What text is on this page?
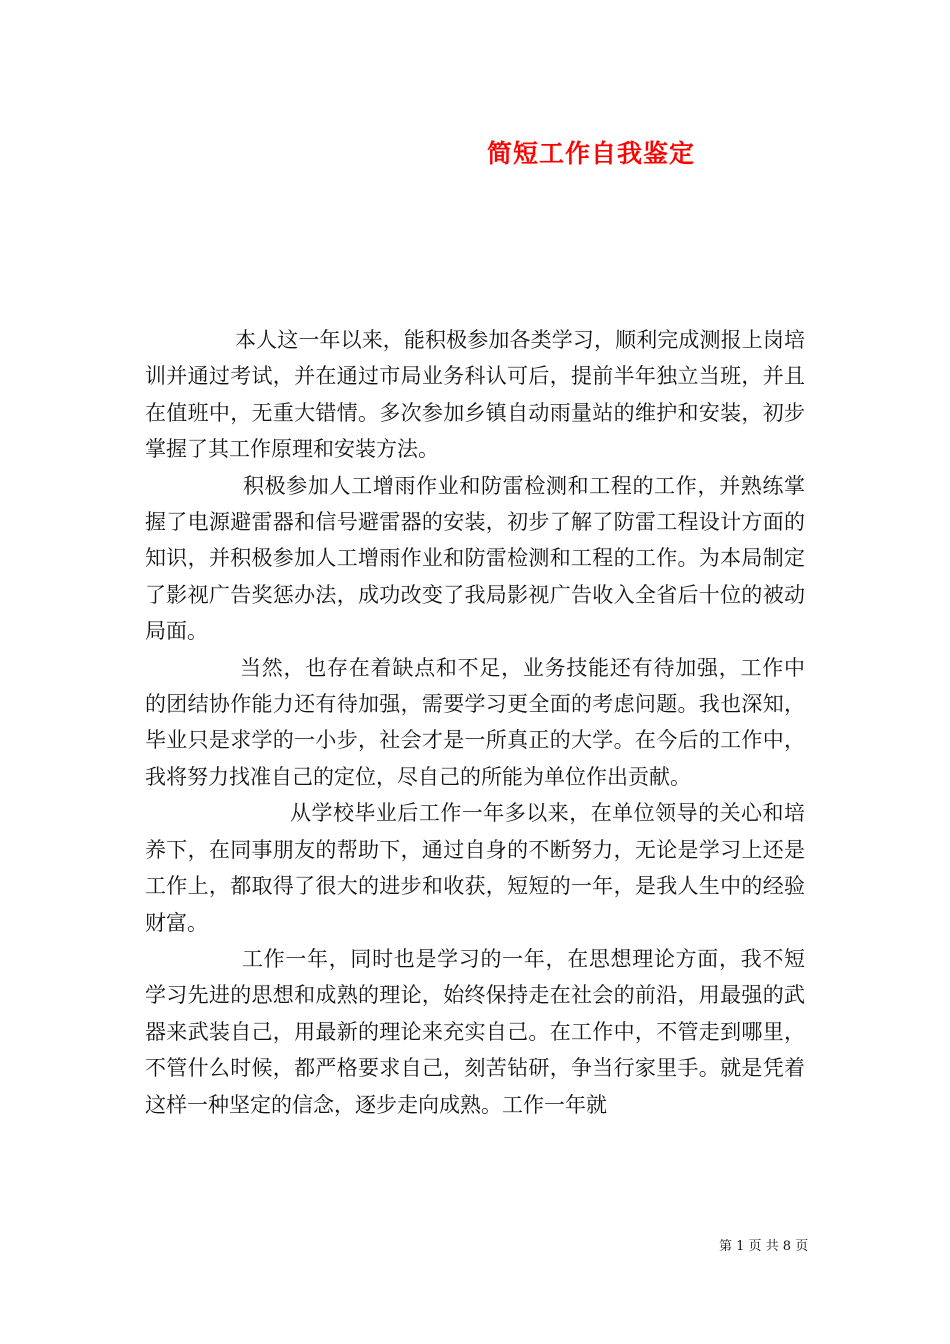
简短工作自我鉴定

本人这一年以来，能积极参加各类学习，顺利完成测报上岗培训并通过考试，并在通过市局业务科认可后，提前半年独立当班，并且在值班中，无重大错情。多次参加乡镇自动雨量站的维护和安装，初步掌握了其工作原理和安装方法。

积极参加人工增雨作业和防雷检测和工程的工作，并熟练掌握了电源避雷器和信号避雷器的安装，初步了解了防雷工程设计方面的知识，并积极参加人工增雨作业和防雷检测和工程的工作。为本局制定了影视广告奖惩办法，成功改变了我局影视广告收入全省后十位的被动局面。

当然，也存在着缺点和不足，业务技能还有待加强，工作中的团结协作能力还有待加强，需要学习更全面的考虑问题。我也深知，毕业只是求学的一小步，社会才是一所真正的大学。在今后的工作中，我将努力找准自己的定位，尽自己的所能为单位作出贡献。

从学校毕业后工作一年多以来，在单位领导的关心和培养下，在同事朋友的帮助下，通过自身的不断努力，无论是学习上还是工作上，都取得了很大的进步和收获，短短的一年，是我人生中的经验财富。

工作一年，同时也是学习的一年，在思想理论方面，我不短学习先进的思想和成熟的理论，始终保持走在社会的前沿，用最强的武器来武装自己，用最新的理论来充实自己。在工作中，不管走到哪里，不管什么时候，都严格要求自己，刻苦钻研，争当行家里手。就是凭着这样一种坚定的信念，逐步走向成熟。工作一年就

第 1 页 共 8 页
